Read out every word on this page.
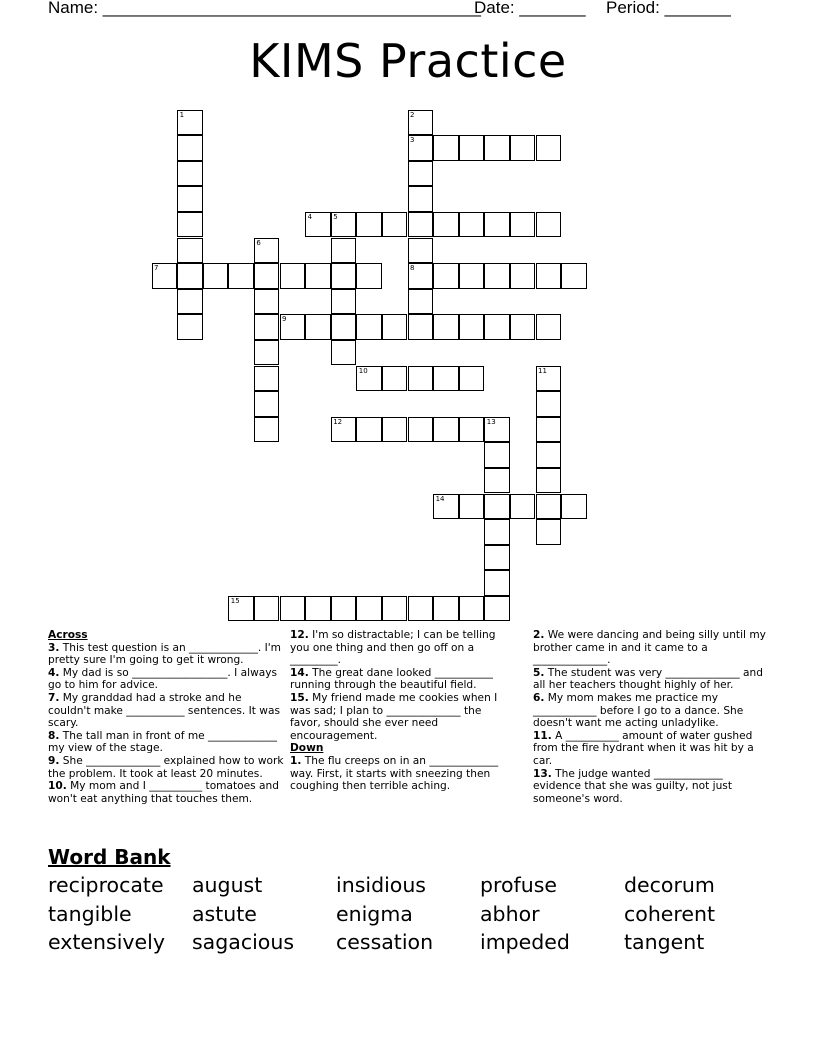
Name: ________________________________________
Date: _______ Period: _______
KIMS Practice
1	2
3
8
4	5
6
7
9
10	11
12	13
14
15
Across

3. This test question is an _____________. I'm pretty sure I'm going to get it wrong.

4. My dad is so __________________. I always go to him for advice.

7. My granddad had a stroke and he couldn't make ___________ sentences. It was scary.

8. The tall man in front of me _____________ my view of the stage.

9. She ______________ explained how to work the problem. It took at least 20 minutes.

10. My mom and I __________ tomatoes and won't eat anything that touches them.

12. I'm so distractable; I can be telling you one thing and then go off on a _________.

14. The great dane looked ___________ running through the beautiful field.

15. My friend made me cookies when I was sad; I plan to ______________ the favor, should she ever need encouragement.

Down

1. The flu creeps on in an _____________ way. First, it starts with sneezing then coughing then terrible aching.

2. We were dancing and being silly until my brother came in and it came to a ______________.

5. The student was very ______________ and all her teachers thought highly of her.

6. My mom makes me practice my ____________ before I go to a dance. She doesn't want me acting unladylike.

11. A __________ amount of water gushed from the fire hydrant when it was hit by a car.

13. The judge wanted _____________ evidence that she was guilty, not just someone's word.

Word Bank
reciprocate august	insidious	profuse	decorum
tangible	astute	enigma	abhor	coherent
extensively sagacious cessation impeded	tangent
